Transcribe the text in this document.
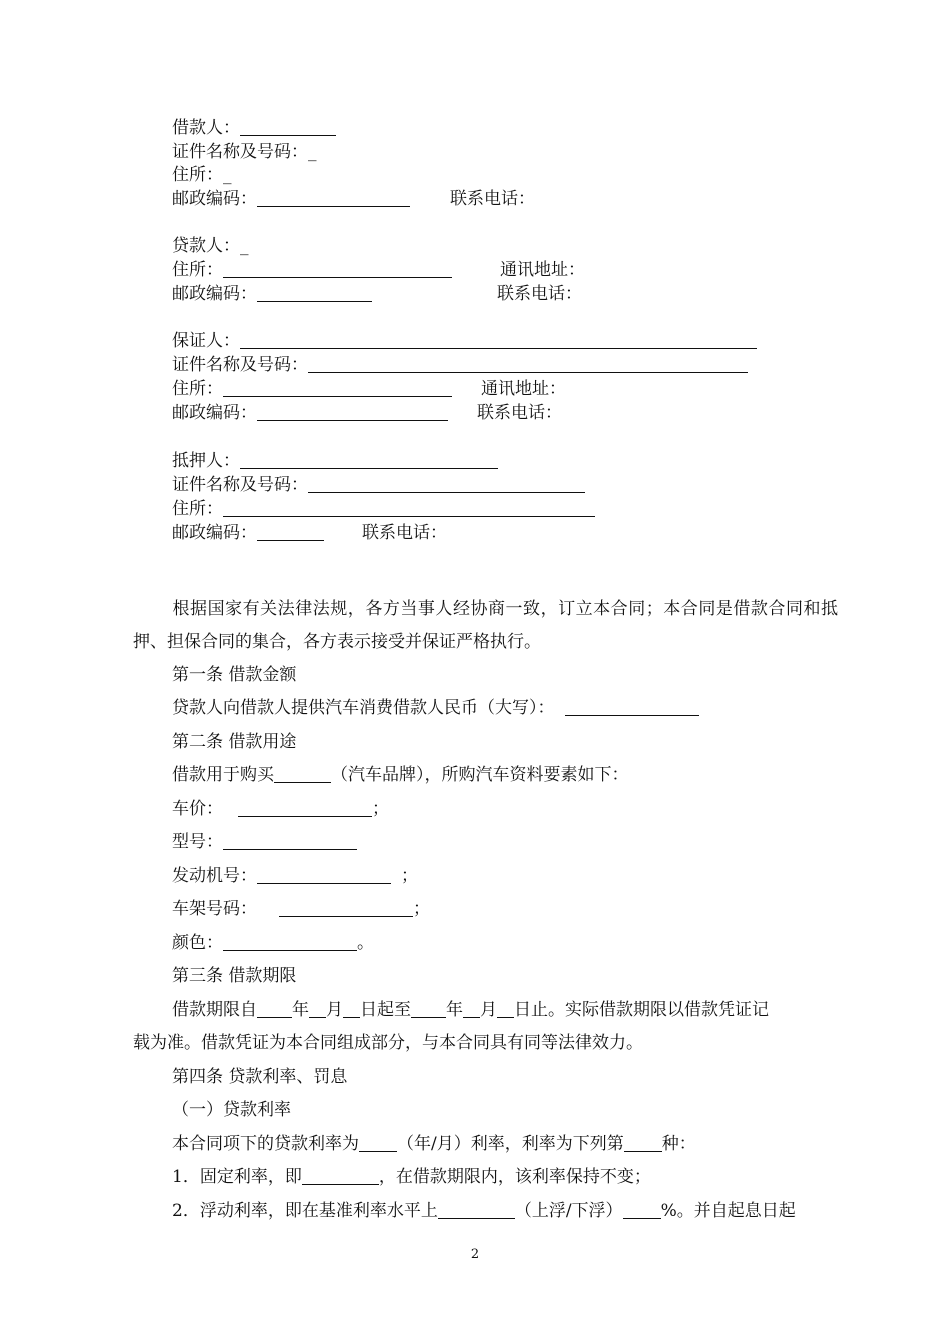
借款人：
证件名称及号码：_
住所：_
邮政编码：	联系电话：
贷款人：_
住所：	通讯地址：
邮政编码：	联系电话：
保证人：
证件名称及号码：
住所：	通讯地址：
邮政编码：	联系电话：
抵押人：
证件名称及号码：
住所：
邮政编码：	联系电话：
根据国家有关法律法规，各方当事人经协商一致，订立本合同；本合同是借款合同和抵押、担保合同的集合，各方表示接受并保证严格执行。
第一条 借款金额
贷款人向借款人提供汽车消费借款人民币（大写）：
第二条 借款用途
借款用于购买	（汽车品牌），所购汽车资料要素如下：
车价：	；
型号：
发动机号：	；
车架号码：	；
颜色：	。
第三条 借款期限
借款期限自 年 月 日起至 年 月 日止。实际借款期限以借款凭证记
载为准。借款凭证为本合同组成部分，与本合同具有同等法律效力。
第四条 贷款利率、罚息
（一）贷款利率
本合同项下的贷款利率为 （年/月）利率，利率为下列第 种：
1．固定利率，即	，在借款期限内，该利率保持不变；
2．浮动利率，即在基准利率水平上	（上浮/下浮） %。并自起息日起
2
